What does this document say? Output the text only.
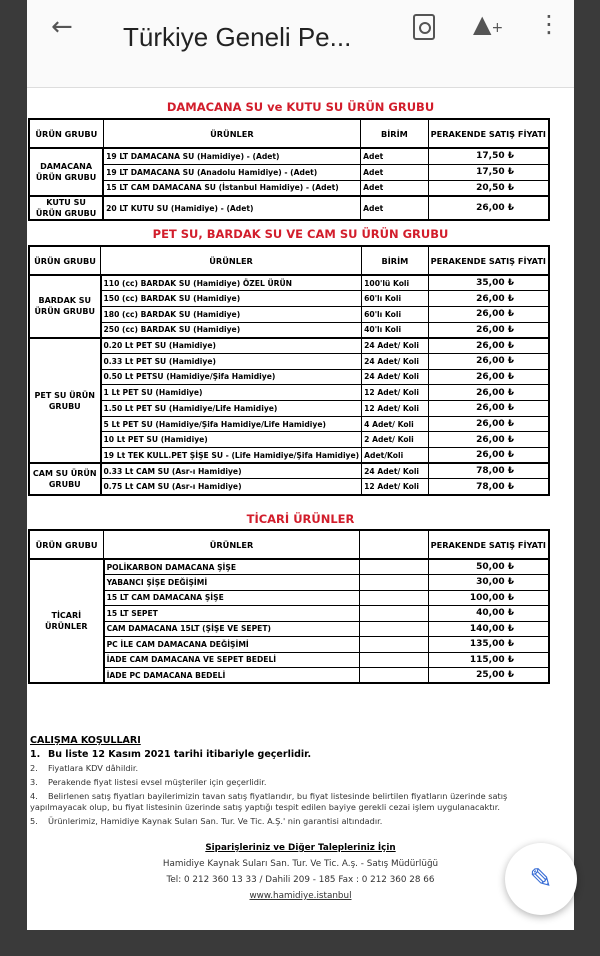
← Türkiye Geneli Pe...	▲+ ⋮
DAMACANA SU ve KUTU SU ÜRÜN GRUBU
ÜRÜN GRUBU	ÜRÜNLER	BİRİM	PERAKENDE SATIŞ FİYATI
DAMACANA ÜRÜN GRUBU	19 LT DAMACANA SU (Hamidiye) - (Adet)	Adet	17,50 ₺
	19 LT DAMACANA SU (Anadolu Hamidiye) - (Adet)	Adet	17,50 ₺
	15 LT CAM DAMACANA SU (İstanbul Hamidiye) - (Adet)	Adet	20,50 ₺
KUTU SU ÜRÜN GRUBU	20 LT KUTU SU (Hamidiye) - (Adet)	Adet	26,00 ₺
PET SU, BARDAK SU VE CAM SU ÜRÜN GRUBU
ÜRÜN GRUBU	ÜRÜNLER	BİRİM	PERAKENDE SATIŞ FİYATI
BARDAK SU ÜRÜN GRUBU	110 (cc) BARDAK SU (Hamidiye) ÖZEL ÜRÜN	100'lü Koli	35,00 ₺
	150 (cc) BARDAK SU (Hamidiye)	60'lı Koli	26,00 ₺
	180 (cc) BARDAK SU (Hamidiye)	60'lı Koli	26,00 ₺
	250 (cc) BARDAK SU (Hamidiye)	40'lı Koli	26,00 ₺
PET SU ÜRÜN GRUBU	0.20 Lt PET SU (Hamidiye)	24 Adet/ Koli	26,00 ₺
	0.33 Lt PET SU (Hamidiye)	24 Adet/ Koli	26,00 ₺
	0.50 Lt PETSU (Hamidiye/Şifa Hamidiye)	24 Adet/ Koli	26,00 ₺
	1 Lt PET SU (Hamidiye)	12 Adet/ Koli	26,00 ₺
	1.50 Lt PET SU (Hamidiye/Life Hamidiye)	12 Adet/ Koli	26,00 ₺
	5 Lt PET SU (Hamidiye/Şifa Hamidiye/Life Hamidiye)	4 Adet/ Koli	26,00 ₺
	10 Lt PET SU (Hamidiye)	2 Adet/ Koli	26,00 ₺
	19 Lt TEK KULL.PET ŞİŞE SU - (Life Hamidiye/Şifa Hamidiye)	Adet/Koli	26,00 ₺
CAM SU ÜRÜN GRUBU	0.33 Lt CAM SU (Asr-ı Hamidiye)	24 Adet/ Koli	78,00 ₺
	0.75 Lt CAM SU (Asr-ı Hamidiye)	12 Adet/ Koli	78,00 ₺
TİCARİ ÜRÜNLER
ÜRÜN GRUBU	ÜRÜNLER		PERAKENDE SATIŞ FİYATI
TİCARİ ÜRÜNLER	POLİKARBON DAMACANA ŞİŞE		50,00 ₺
	YABANCI ŞİŞE DEĞİŞİMİ		30,00 ₺
	15 LT CAM DAMACANA ŞİŞE		100,00 ₺
	15 LT SEPET		40,00 ₺
	CAM DAMACANA 15LT (ŞİŞE VE SEPET)		140,00 ₺
	PC İLE CAM DAMACANA DEĞİŞİMİ		135,00 ₺
	İADE CAM DAMACANA VE SEPET BEDELİ		115,00 ₺
	İADE PC DAMACANA BEDELİ		25,00 ₺
CALIŞMA KOŞULLARI
1. Bu liste 12 Kasım 2021 tarihi itibariyle geçerlidir.
2. Fiyatlara KDV dâhildir.
3. Perakende fiyat listesi evsel müşteriler için geçerlidir.
4. Belirlenen satış fiyatları bayilerimizin tavan satış fiyatlarıdır, bu fiyat listesinde belirtilen fiyatların üzerinde satış yapılmayacak olup, bu fiyat listesinin üzerinde satış yaptığı tespit edilen bayiye gerekli cezai işlem uygulanacaktır.
5. Ürünlerimiz, Hamidiye Kaynak Suları San. Tur. Ve Tic. A.Ş.' nin garantisi altındadır.
Siparişleriniz ve Diğer Talepleriniz İçin
Hamidiye Kaynak Suları San. Tur. Ve Tic. A.ş. - Satış Müdürlüğü
Tel: 0 212 360 13 33 / Dahili 209 - 185 Fax : 0 212 360 28 66
www.hamidiye.istanbul
✎
